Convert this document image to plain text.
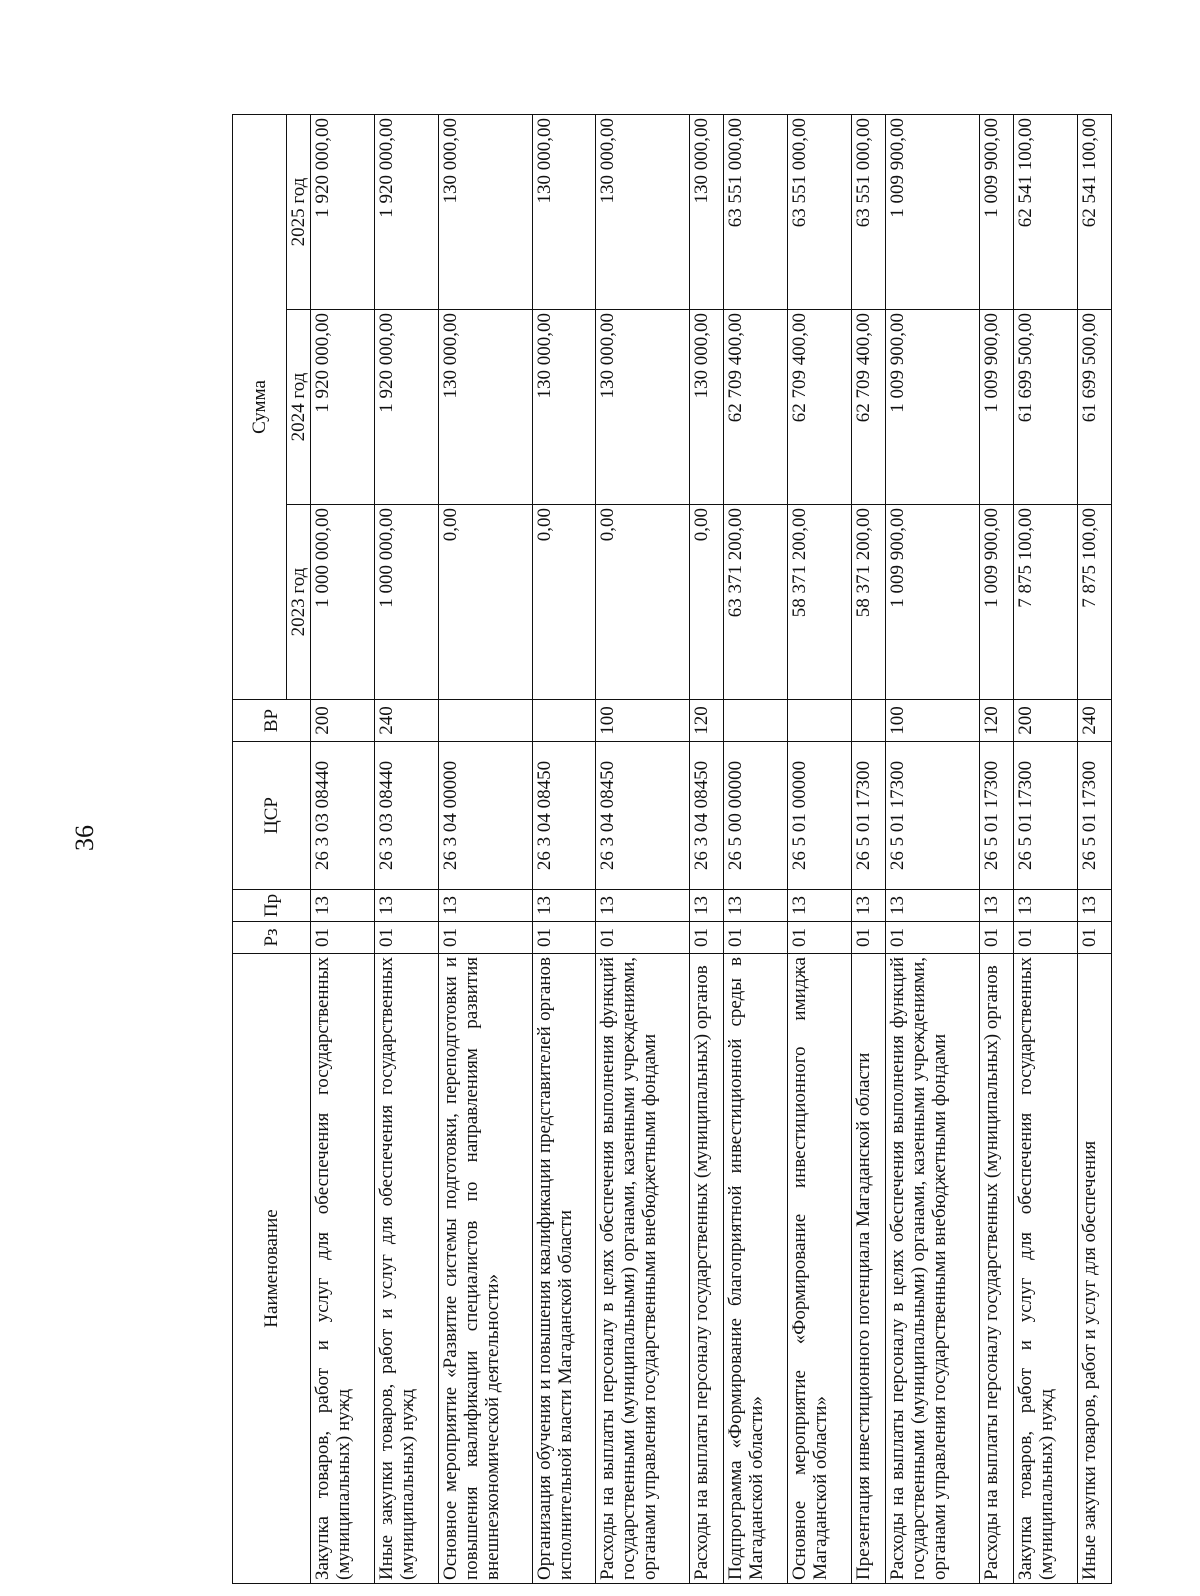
36
Наименование	Рз	Пр	ЦСР	ВР	Сумма		
					2023 год	2024 год	2025 год
Закупка товаров, работ и услуг для обеспечения государственных (муниципальных) нужд	01	13	26 3 03 08440	200	1 000 000,00	1 920 000,00	1 920 000,00
Иные закупки товаров, работ и услуг для обеспечения государственных (муниципальных) нужд	01	13	26 3 03 08440	240	1 000 000,00	1 920 000,00	1 920 000,00
Основное мероприятие «Развитие системы подготовки, переподготовки и повышения квалификации специалистов по направлениям развития внешнеэкономической деятельности»	01	13	26 3 04 00000		0,00	130 000,00	130 000,00
Организация обучения и повышения квалификации представителей органов исполнительной власти Магаданской области	01	13	26 3 04 08450		0,00	130 000,00	130 000,00
Расходы на выплаты персоналу в целях обеспечения выполнения функций государственными (муниципальными) органами, казенными учреждениями, органами управления государственными внебюджетными фондами	01	13	26 3 04 08450	100	0,00	130 000,00	130 000,00
Расходы на выплаты персоналу государственных (муниципальных) органов	01	13	26 3 04 08450	120	0,00	130 000,00	130 000,00
Подпрограмма «Формирование благоприятной инвестиционной среды в Магаданской области»	01	13	26 5 00 00000		63 371 200,00	62 709 400,00	63 551 000,00
Основное мероприятие «Формирование инвестиционного имиджа Магаданской области»	01	13	26 5 01 00000		58 371 200,00	62 709 400,00	63 551 000,00
Презентация инвестиционного потенциала Магаданской области	01	13	26 5 01 17300		58 371 200,00	62 709 400,00	63 551 000,00
Расходы на выплаты персоналу в целях обеспечения выполнения функций государственными (муниципальными) органами, казенными учреждениями, органами управления государственными внебюджетными фондами	01	13	26 5 01 17300	100	1 009 900,00	1 009 900,00	1 009 900,00
Расходы на выплаты персоналу государственных (муниципальных) органов	01	13	26 5 01 17300	120	1 009 900,00	1 009 900,00	1 009 900,00
Закупка товаров, работ и услуг для обеспечения государственных (муниципальных) нужд	01	13	26 5 01 17300	200	7 875 100,00	61 699 500,00	62 541 100,00
Иные закупки товаров, работ и услуг для обеспечения	01	13	26 5 01 17300	240	7 875 100,00	61 699 500,00	62 541 100,00
